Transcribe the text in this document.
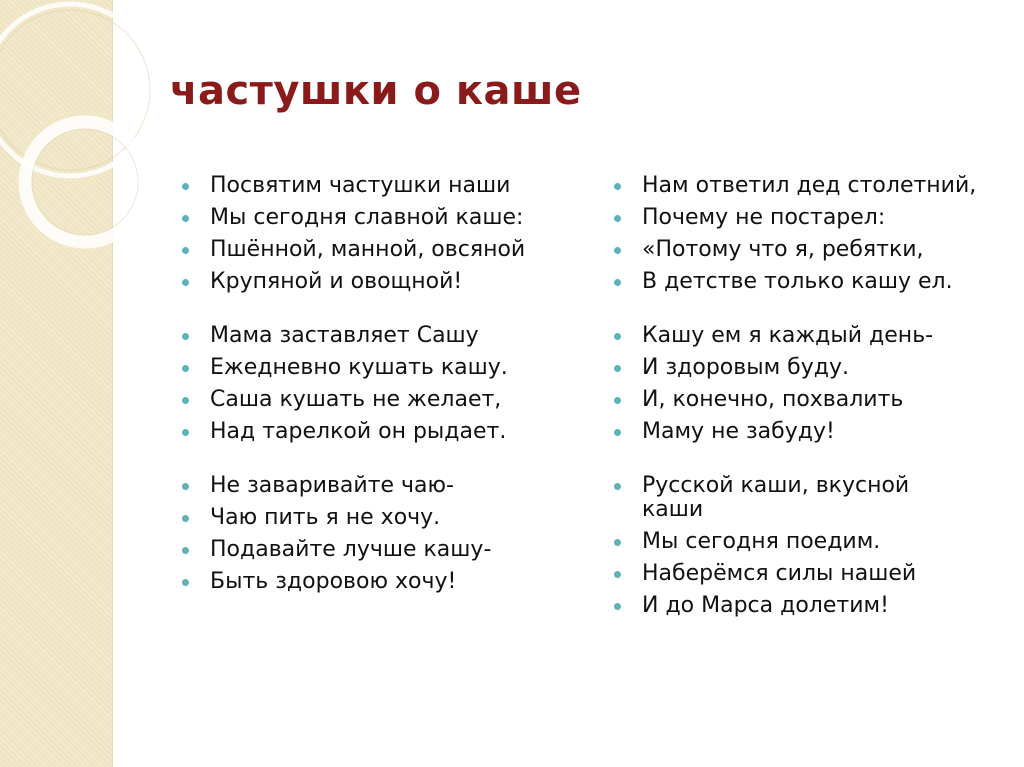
частушки о каше
Посвятим частушки наши
Мы сегодня славной каше:
Пшённой, манной, овсяной
Крупяной и овощной!
Мама заставляет Сашу
Ежедневно кушать кашу.
Саша кушать не желает,
Над тарелкой он рыдает.
Не заваривайте чаю-
Чаю пить я не хочу.
Подавайте лучше кашу-
Быть здоровою хочу!
Нам ответил дед столетний,
Почему не постарел:
«Потому что я, ребятки,
В детстве только кашу ел.
Кашу ем я каждый день-
И здоровым буду.
И, конечно, похвалить
Маму не забуду!
Русской каши, вкусной каши
Мы сегодня поедим.
Наберёмся силы нашей
И до Марса долетим!
